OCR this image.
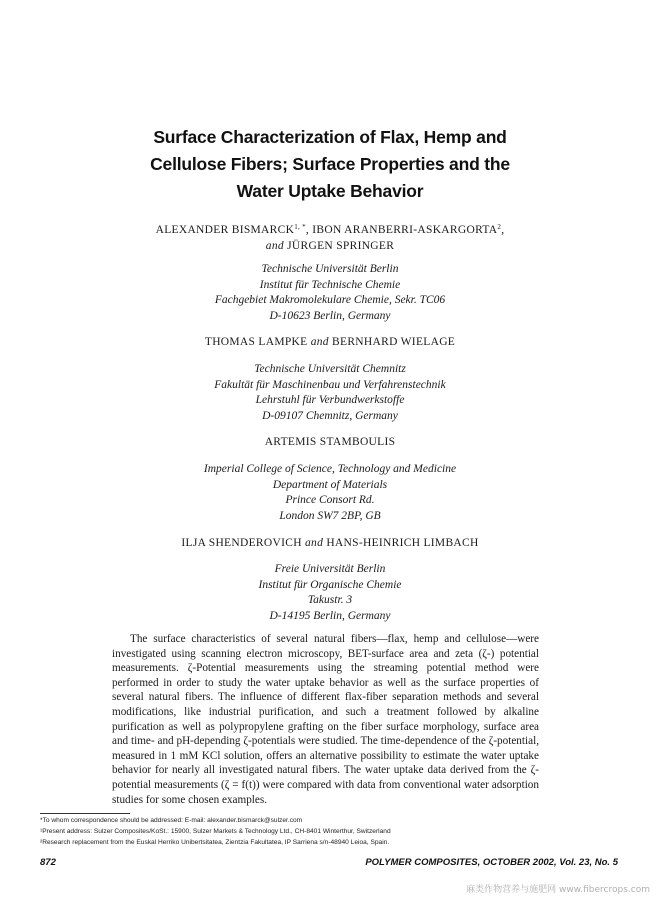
Surface Characterization of Flax, Hemp and
Cellulose Fibers; Surface Properties and the
Water Uptake Behavior
ALEXANDER $BISMARCK^{1, *}$, IBON ARANBERRI-ASKARGORTA$^2$,
and JÜRGEN SPRINGER
Technische Universität Berlin
Institut für Technische Chemie
Fachgebiet Makromolekulare Chemie, Sekr. TC06
D-10623 Berlin, Germany
THOMAS LAMPKE and BERNHARD WIELAGE
Technische Universität Chemnitz
Fakultät für Maschinenbau und Verfahrenstechnik
Lehrstuhl für Verbundwerkstoffe
D-09107 Chemnitz, Germany
ARTEMIS STAMBOULIS
Imperial College of Science, Technology and Medicine
Department of Materials
Prince Consort Rd.
London SW7 2BP, GB
ILJA SHENDEROVICH and HANS-HEINRICH LIMBACH
Freie Universität Berlin
Institut für Organische Chemie
Takustr. 3
D-14195 Berlin, Germany
The surface characteristics of several natural fibers—flax, hemp and cellulose—were investigated using scanning electron microscopy, BET-surface area and zeta (ζ-) potential measurements. ζ-Potential measurements using the streaming potential method were performed in order to study the water uptake behavior as well as the surface properties of several natural fibers. The influence of different flax-fiber separation methods and several modifications, like industrial purification, and such a treatment followed by alkaline purification as well as polypropylene grafting on the fiber surface morphology, surface area and time- and pH-depending ζ-potentials were studied. The time-dependence of the ζ-potential, measured in 1 mM KCl solution, offers an alternative possibility to estimate the water uptake behavior for nearly all investigated natural fibers. The water uptake data derived from the ζ-potential measurements (ζ = f(t)) were compared with data from conventional water adsorption studies for some chosen examples.
*To whom correspondence should be addressed: E-mail: alexander.bismarck@sulzer.com
¹Present address: Sulzer Composites/KoSt.: 15900, Sulzer Markets & Technology Ltd., CH-8401 Winterthur, Switzerland
²Research replacement from the Euskal Herriko Unibertsitatea, Zientzia Fakultatea, IP Sarriena s/n-48940 Leioa, Spain.
872	POLYMER COMPOSITES, OCTOBER 2002, Vol. 23, No. 5
麻类作物营养与施肥网 www.fibercrops.com
